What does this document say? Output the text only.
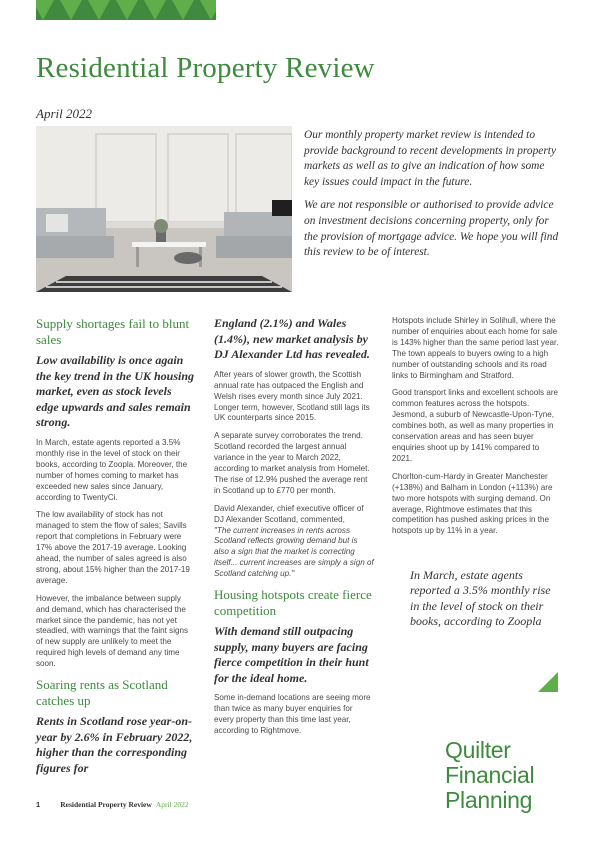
Residential Property Review
April 2022

Our monthly property market review is intended to provide background to recent developments in property markets as well as to give an indication of how some key issues could impact in the future.

We are not responsible or authorised to provide advice on investment decisions concerning property, only for the provision of mortgage advice. We hope you will find this review to be of interest.

Supply shortages fail to blunt sales
Low availability is once again the key trend in the UK housing market, even as stock levels edge upwards and sales remain strong.

In March, estate agents reported a 3.5% monthly rise in the level of stock on their books, according to Zoopla. Moreover, the number of homes coming to market has exceeded new sales since January, according to TwentyCi.

The low availability of stock has not managed to stem the flow of sales; Savills report that completions in February were 17% above the 2017-19 average. Looking ahead, the number of sales agreed is also strong, about 15% higher than the 2017-19 average.

However, the imbalance between supply and demand, which has characterised the market since the pandemic, has not yet steadied, with warnings that the faint signs of new supply are unlikely to meet the required high levels of demand any time soon.

Soaring rents as Scotland catches up
Rents in Scotland rose year-on-year by 2.6% in February 2022, higher than the corresponding figures for
England (2.1%) and Wales (1.4%), new market analysis by DJ Alexander Ltd has revealed.

After years of slower growth, the Scottish annual rate has outpaced the English and Welsh rises every month since July 2021. Longer term, however, Scotland still lags its UK counterparts since 2015.

A separate survey corroborates the trend. Scotland recorded the largest annual variance in the year to March 2022, according to market analysis from Homelet. The rise of 12.9% pushed the average rent in Scotland up to £770 per month.

David Alexander, chief executive officer of DJ Alexander Scotland, commented,

"The current increases in rents across Scotland reflects growing demand but is also a sign that the market is correcting itself... current increases are simply a sign of Scotland catching up."

Housing hotspots create fierce competition
With demand still outpacing supply, many buyers are facing fierce competition in their hunt for the ideal home.

Some in-demand locations are seeing more than twice as many buyer enquiries for every property than this time last year, according to Rightmove.

Hotspots include Shirley in Solihull, where the number of enquiries about each home for sale is 143% higher than the same period last year. The town appeals to buyers owing to a high number of outstanding schools and its road links to Birmingham and Stratford.

Good transport links and excellent schools are common features across the hotspots. Jesmond, a suburb of Newcastle-Upon-Tyne, combines both, as well as many properties in conservation areas and has seen buyer enquiries shoot up by 141% compared to 2021.

Chorlton-cum-Hardy in Greater Manchester (+138%) and Balham in London (+113%) are two more hotspots with surging demand. On average, Rightmove estimates that this competition has pushed asking prices in the hotspots up by 11% in a year.

In March, estate agents reported a 3.5% monthly rise in the level of stock on their books, according to Zoopla
Quilter
Financial
Planning
1	Residential Property Review April 2022
